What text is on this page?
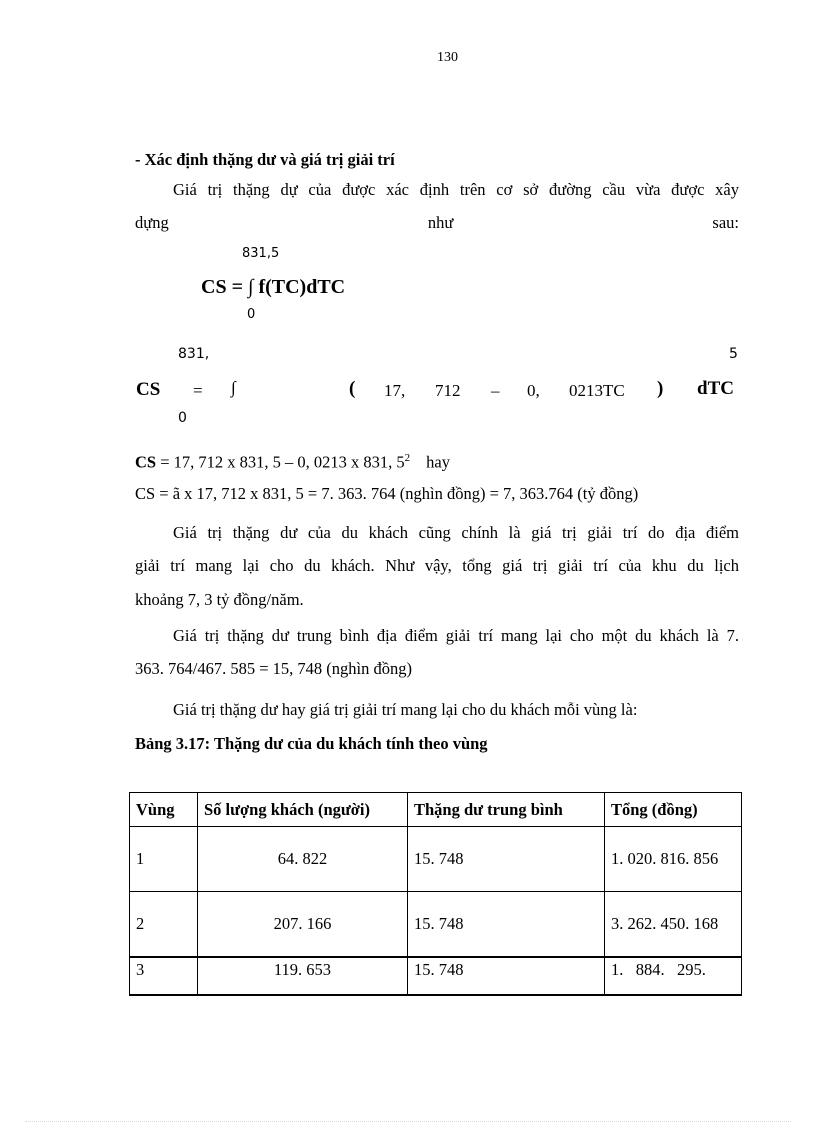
130
- Xác định thặng dư và giá trị giải trí
Giá trị thặng dự của được xác định trên cơ sở đường cầu vừa được xây
dựng	như	sau:
831,5
CS = ∫ f(TC)dTC
0
831,	5
CS = ∫	( 17, 712 – 0, 0213TC ) dTC
0
CS = 17, 712 x 831, 5 – 0, 0213 x 831, $5^2$ hay
CS = ã x 17, 712 x 831, 5 = 7. 363. 764 (nghìn đồng) = 7, 363.764 (tỷ đồng)
Giá trị thặng dư của du khách cũng chính là giá trị giải trí do địa điểm
giải trí mang lại cho du khách. Như vậy, tổng giá trị giải trí của khu du lịch
khoảng 7, 3 tỷ đồng/năm.
Giá trị thặng dư trung bình địa điểm giải trí mang lại cho một du khách là 7.
363. 764/467. 585 = 15, 748 (nghìn đồng)
Giá trị thặng dư hay giá trị giải trí mang lại cho du khách mỗi vùng là:
Bảng 3.17: Thặng dư của du khách tính theo vùng
Vùng	Số lượng khách (người)	Thặng dư trung bình	Tổng (đồng)
1	64. 822	15. 748	1. 020. 816. 856
2	207. 166	15. 748	3. 262. 450. 168
3	119. 653	15. 748	1.   884.   295.
